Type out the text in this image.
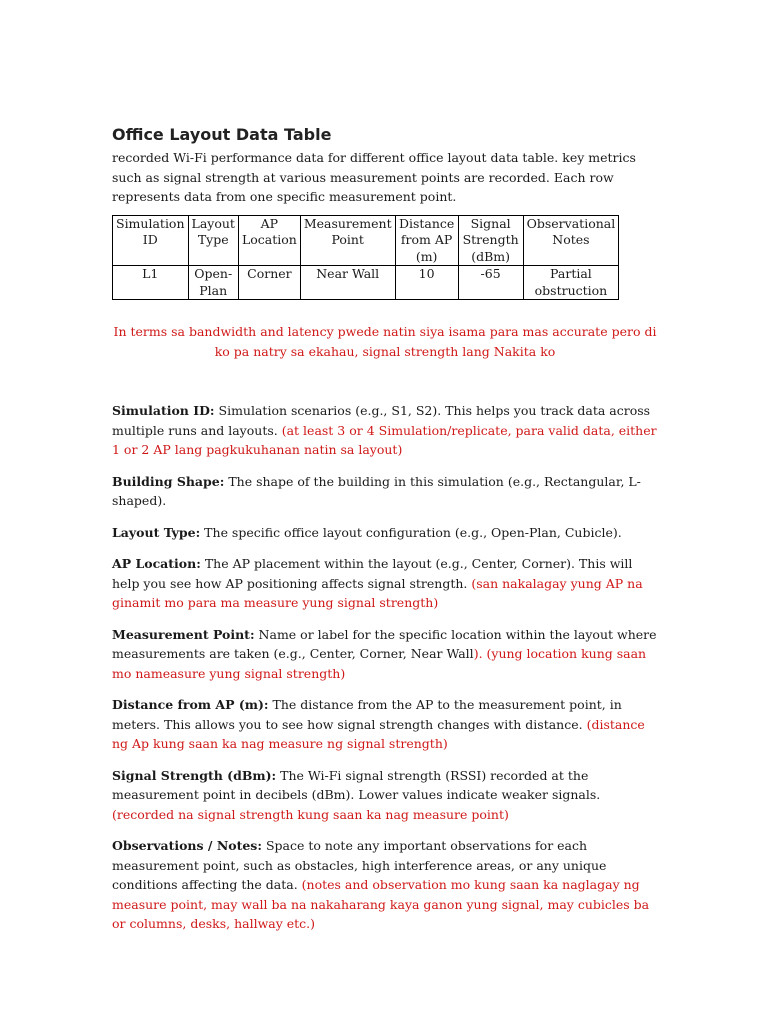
Office Layout Data Table

recorded Wi-Fi performance data for different office layout data table. key metrics such as signal strength at various measurement points are recorded. Each row represents data from one specific measurement point.

Simulation ID	Layout Type	AP Location	Measurement Point	Distance from AP (m)	Signal Strength (dBm)	Observational Notes
L1	Open-Plan	Corner	Near Wall	10	-65	Partial obstruction
In terms sa bandwidth and latency pwede natin siya isama para mas accurate pero di ko pa natry sa ekahau, signal strength lang Nakita ko

Simulation ID: Simulation scenarios (e.g., S1, S2). This helps you track data across multiple runs and layouts. (at least 3 or 4 Simulation/replicate, para valid data, either 1 or 2 AP lang pagkukuhanan natin sa layout)

Building Shape: The shape of the building in this simulation (e.g., Rectangular, L-shaped).

Layout Type: The specific office layout configuration (e.g., Open-Plan, Cubicle).

AP Location: The AP placement within the layout (e.g., Center, Corner). This will help you see how AP positioning affects signal strength. (san nakalagay yung AP na ginamit mo para ma measure yung signal strength)

Measurement Point: Name or label for the specific location within the layout where measurements are taken (e.g., Center, Corner, Near Wall). (yung location kung saan mo nameasure yung signal strength)

Distance from AP (m): The distance from the AP to the measurement point, in meters. This allows you to see how signal strength changes with distance. (distance ng Ap kung saan ka nag measure ng signal strength)

Signal Strength (dBm): The Wi-Fi signal strength (RSSI) recorded at the measurement point in decibels (dBm). Lower values indicate weaker signals. (recorded na signal strength kung saan ka nag measure point)

Observations / Notes: Space to note any important observations for each measurement point, such as obstacles, high interference areas, or any unique conditions affecting the data. (notes and observation mo kung saan ka naglagay ng measure point, may wall ba na nakaharang kaya ganon yung signal, may cubicles ba or columns, desks, hallway etc.)
